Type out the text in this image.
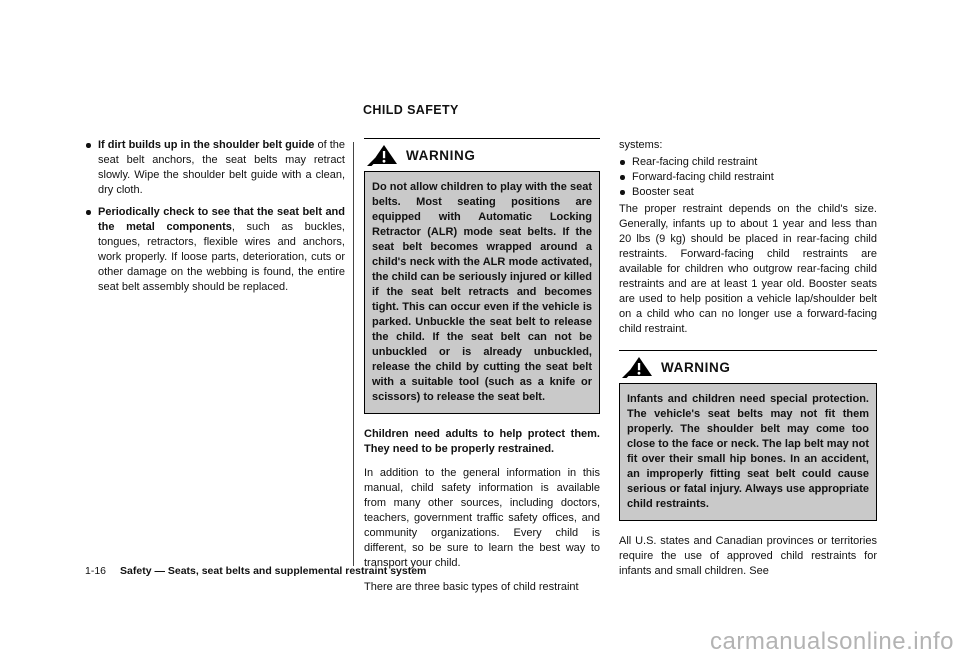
CHILD SAFETY
If dirt builds up in the shoulder belt guide of the seat belt anchors, the seat belts may retract slowly. Wipe the shoulder belt guide with a clean, dry cloth.
Periodically check to see that the seat belt and the metal components, such as buckles, tongues, retractors, flexible wires and anchors, work properly. If loose parts, deterioration, cuts or other damage on the webbing is found, the entire seat belt assembly should be replaced.
WARNING
Do not allow children to play with the seat belts. Most seating positions are equipped with Automatic Locking Retractor (ALR) mode seat belts. If the seat belt becomes wrapped around a child's neck with the ALR mode activated, the child can be seriously injured or killed if the seat belt retracts and becomes tight. This can occur even if the vehicle is parked. Unbuckle the seat belt to release the child. If the seat belt can not be unbuckled or is already unbuckled, release the child by cutting the seat belt with a suitable tool (such as a knife or scissors) to release the seat belt.
Children need adults to help protect them. They need to be properly restrained.
In addition to the general information in this manual, child safety information is available from many other sources, including doctors, teachers, government traffic safety offices, and community organizations. Every child is different, so be sure to learn the best way to transport your child.
There are three basic types of child restraint
systems:
Rear-facing child restraint
Forward-facing child restraint
Booster seat
The proper restraint depends on the child's size. Generally, infants up to about 1 year and less than 20 lbs (9 kg) should be placed in rear-facing child restraints. Forward-facing child restraints are available for children who outgrow rear-facing child restraints and are at least 1 year old. Booster seats are used to help position a vehicle lap/shoulder belt on a child who can no longer use a forward-facing child restraint.
WARNING
Infants and children need special protection. The vehicle's seat belts may not fit them properly. The shoulder belt may come too close to the face or neck. The lap belt may not fit over their small hip bones. In an accident, an improperly fitting seat belt could cause serious or fatal injury. Always use appropriate child restraints.
All U.S. states and Canadian provinces or territories require the use of approved child restraints for infants and small children. See
1-16 Safety — Seats, seat belts and supplemental restraint system
carmanualsonline.info
